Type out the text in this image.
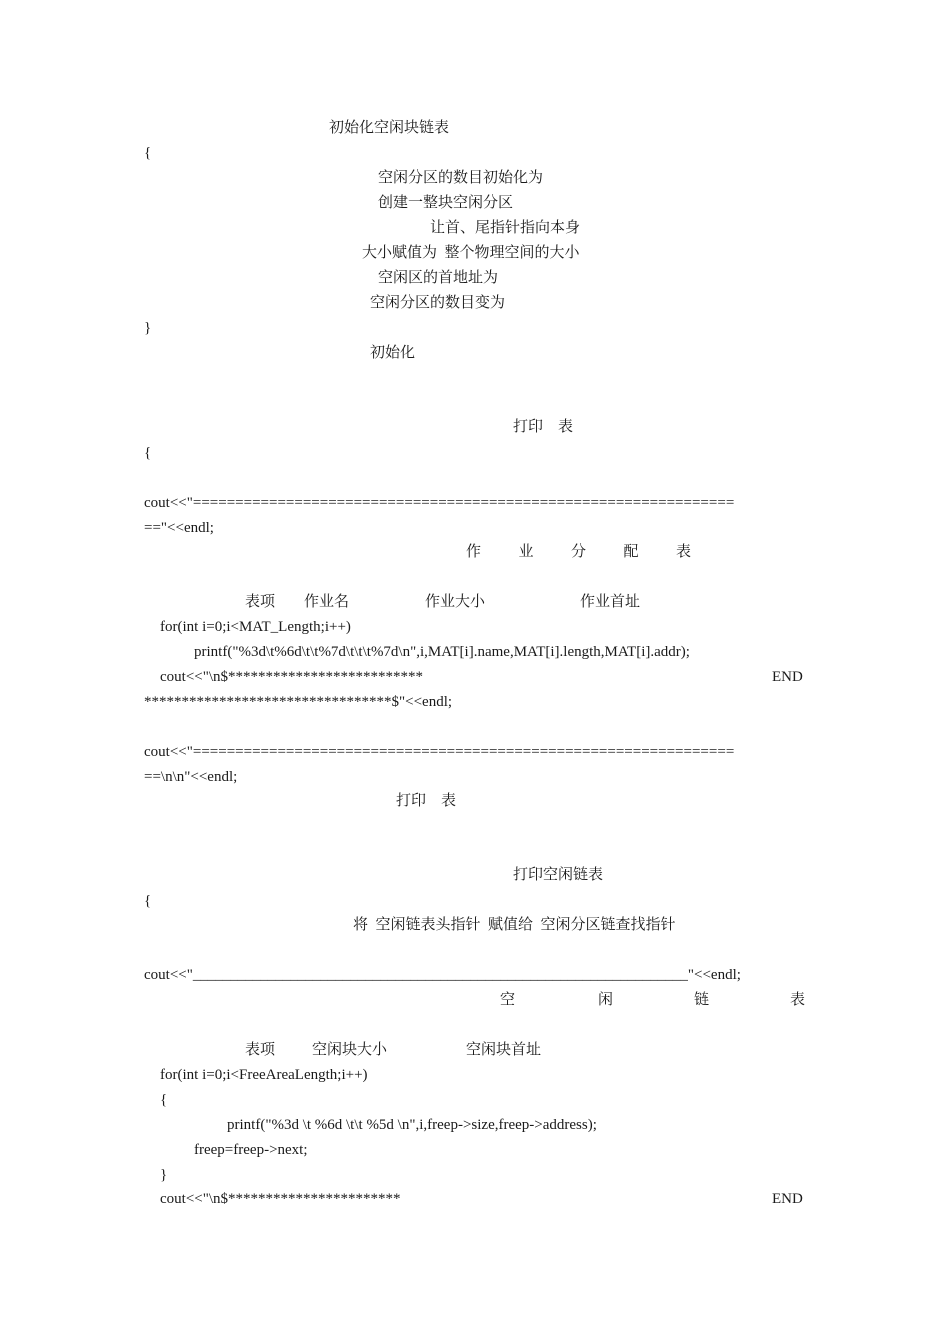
初始化空闲块链表
{
空闲分区的数目初始化为
创建一整块空闲分区
让首、尾指针指向本身
大小赋值为  整个物理空间的大小
空闲区的首地址为
空闲分区的数目变为
}
初始化
打印    表
{
cout<<"================================================================
=="<<endl;
作          业          分          配          表
表项 作业名	作业大小	作业首址
for(int i=0;i<MAT_Length;i++)
printf("%3d\t%6d\t\t%7d\t\t\t%7d\n",i,MAT[i].name,MAT[i].length,MAT[i].addr);
cout<<"\n$**************************	END
*********************************$"<<endl;
cout<<"================================================================
==\n\n"<<endl;
打印    表
打印空闲链表
{
将  空闲链表头指针  赋值给  空闲分区链查找指针
cout<<"__________________________________________________________________"<<endl;
空	闲	链	表
表项 空闲块大小	空闲块首址
for(int i=0;i<FreeAreaLength;i++)
{
printf("%3d \t %6d \t\t %5d \n",i,freep->size,freep->address);
freep=freep->next;
}
cout<<"\n$***********************	END
